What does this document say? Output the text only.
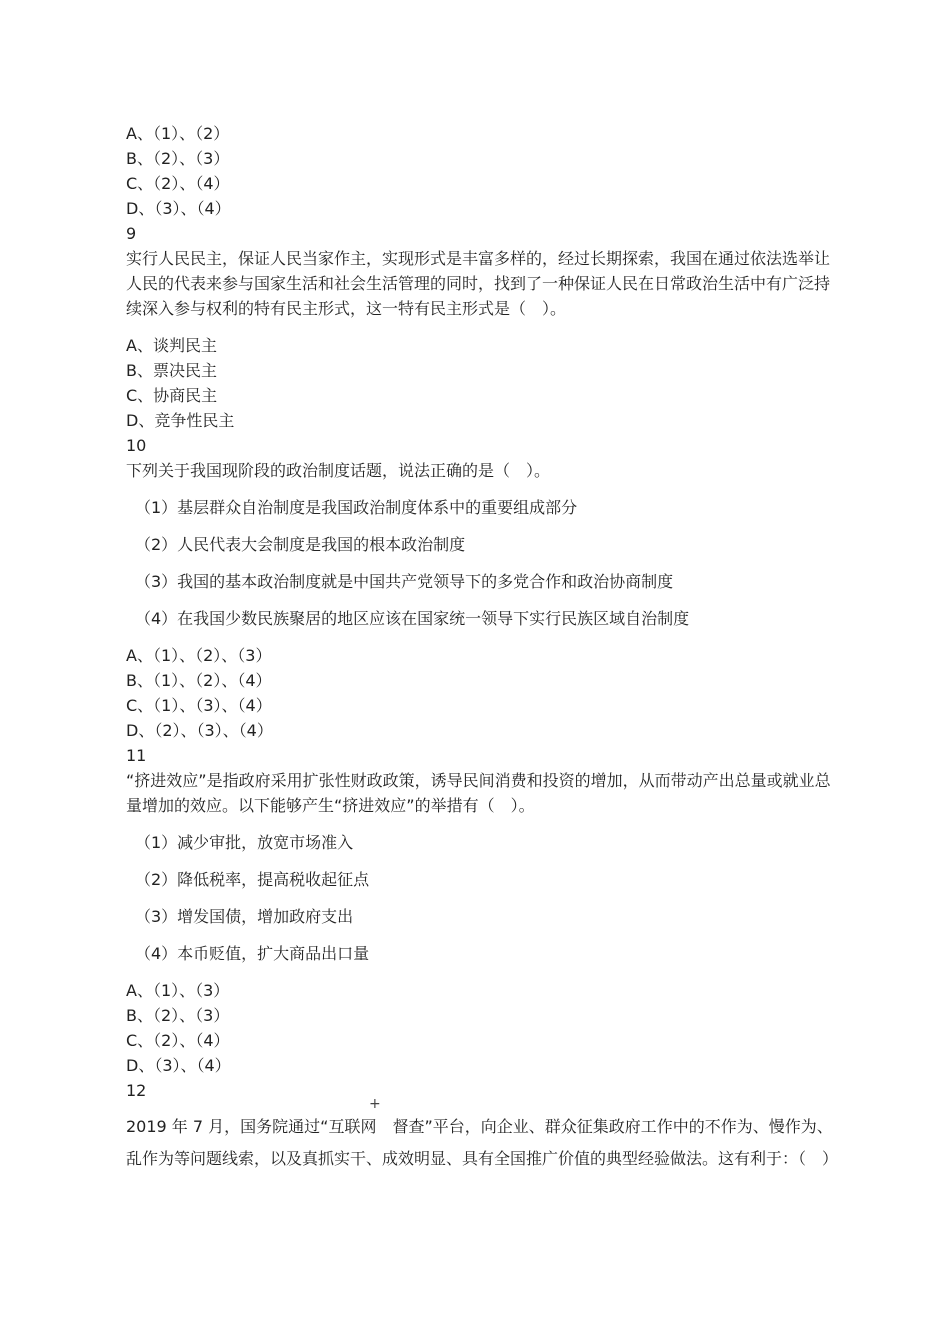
A、（1）、（2）
B、（2）、（3）
C、（2）、（4）
D、（3）、（4）
9

实行人民民主，保证人民当家作主，实现形式是丰富多样的，经过长期探索，我国在通过依法选举让人民的代表来参与国家生活和社会生活管理的同时，找到了一种保证人民在日常政治生活中有广泛持续深入参与权利的特有民主形式，这一特有民主形式是（　）。

A、谈判民主
B、票决民主
C、协商民主
D、竞争性民主
10

下列关于我国现阶段的政治制度话题，说法正确的是（　）。

（1）基层群众自治制度是我国政治制度体系中的重要组成部分
（2）人民代表大会制度是我国的根本政治制度
（3）我国的基本政治制度就是中国共产党领导下的多党合作和政治协商制度
（4）在我国少数民族聚居的地区应该在国家统一领导下实行民族区域自治制度
A、（1）、（2）、（3）
B、（1）、（2）、（4）
C、（1）、（3）、（4）
D、（2）、（3）、（4）
11

“挤进效应”是指政府采用扩张性财政政策，诱导民间消费和投资的增加，从而带动产出总量或就业总量增加的效应。以下能够产生“挤进效应”的举措有（　）。

（1）减少审批，放宽市场准入
（2）降低税率，提高税收起征点
（3）增发国债，增加政府支出
（4）本币贬值，扩大商品出口量
A、（1）、（3）
B、（2）、（3）
C、（2）、（4）
D、（3）、（4）
12
+

2019 年 7 月，国务院通过“互联网　督查”平台，向企业、群众征集政府工作中的不作为、慢作为、乱作为等问题线索，以及真抓实干、成效明显、具有全国推广价值的典型经验做法。这有利于：（　）
